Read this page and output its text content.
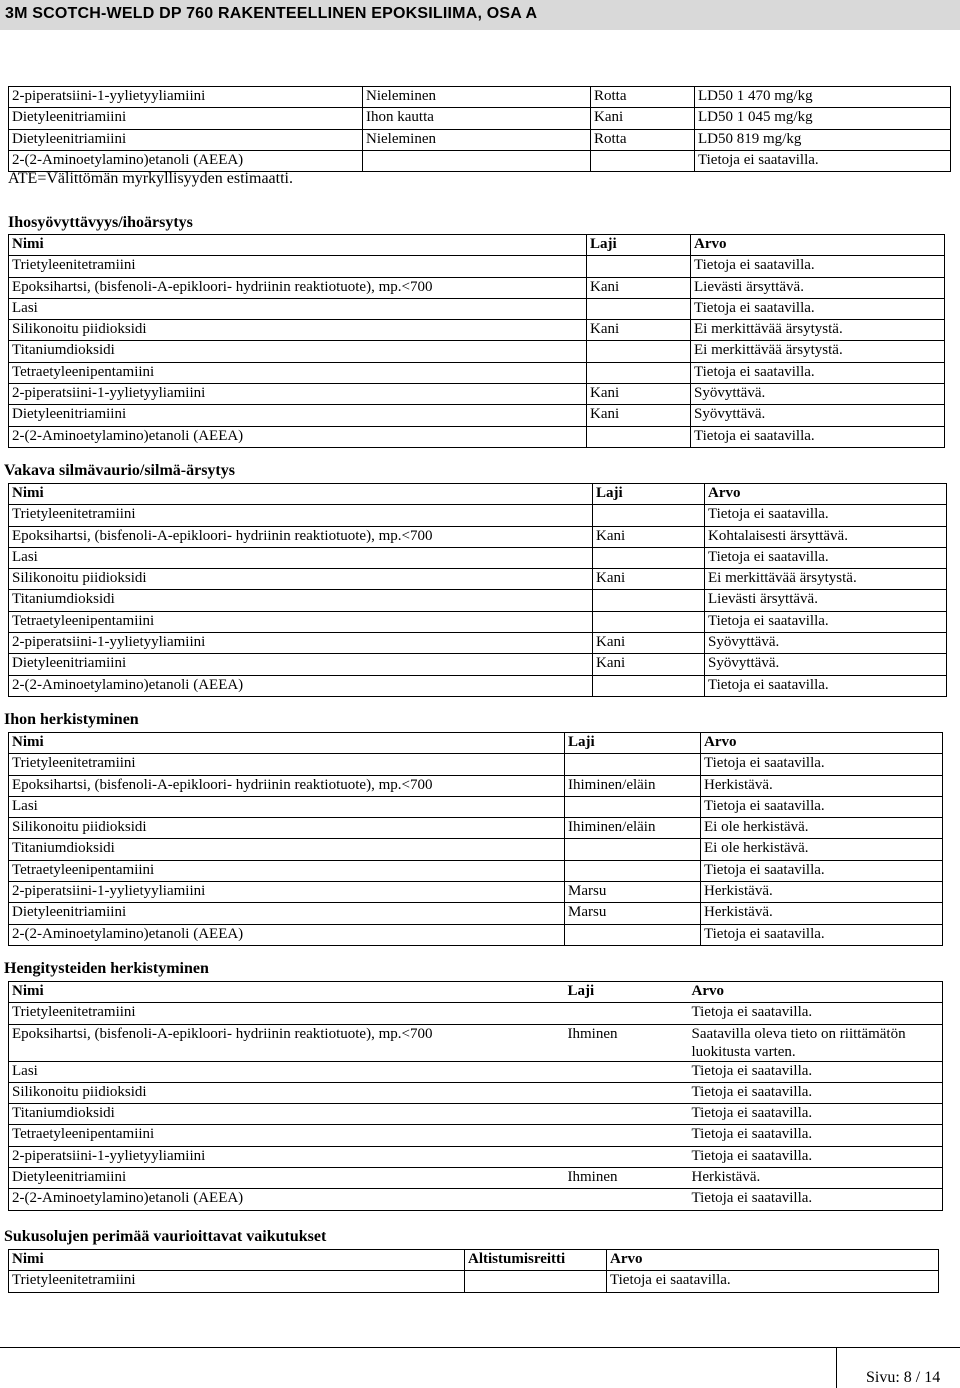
3M SCOTCH-WELD DP 760 RAKENTEELLINEN EPOKSILIIMA, OSA A
2-piperatsiini-1-yylietyyliamiini	Nieleminen	Rotta	LD50 1 470 mg/kg
Dietyleenitriamiini	Ihon kautta	Kani	LD50 1 045 mg/kg
Dietyleenitriamiini	Nieleminen	Rotta	LD50 819 mg/kg
2-(2-Aminoetylamino)etanoli (AEEA)			Tietoja ei saatavilla.
ATE=Välittömän myrkyllisyyden estimaatti.
Ihosyövyttävyys/ihoärsytys
Nimi	Laji	Arvo
Trietyleenitetramiini		Tietoja ei saatavilla.
Epoksihartsi, (bisfenoli-A-epikloori- hydriinin reaktiotuote), mp.<700	Kani	Lievästi ärsyttävä.
Lasi		Tietoja ei saatavilla.
Silikonoitu piidioksidi	Kani	Ei merkittävää ärsytystä.
Titaniumdioksidi		Ei merkittävää ärsytystä.
Tetraetyleenipentamiini		Tietoja ei saatavilla.
2-piperatsiini-1-yylietyyliamiini	Kani	Syövyttävä.
Dietyleenitriamiini	Kani	Syövyttävä.
2-(2-Aminoetylamino)etanoli (AEEA)		Tietoja ei saatavilla.
Vakava silmävaurio/silmä-ärsytys
Nimi	Laji	Arvo
Trietyleenitetramiini		Tietoja ei saatavilla.
Epoksihartsi, (bisfenoli-A-epikloori- hydriinin reaktiotuote), mp.<700	Kani	Kohtalaisesti ärsyttävä.
Lasi		Tietoja ei saatavilla.
Silikonoitu piidioksidi	Kani	Ei merkittävää ärsytystä.
Titaniumdioksidi		Lievästi ärsyttävä.
Tetraetyleenipentamiini		Tietoja ei saatavilla.
2-piperatsiini-1-yylietyyliamiini	Kani	Syövyttävä.
Dietyleenitriamiini	Kani	Syövyttävä.
2-(2-Aminoetylamino)etanoli (AEEA)		Tietoja ei saatavilla.
Ihon herkistyminen
Nimi	Laji	Arvo
Trietyleenitetramiini		Tietoja ei saatavilla.
Epoksihartsi, (bisfenoli-A-epikloori- hydriinin reaktiotuote), mp.<700	Ihiminen/eläin	Herkistävä.
Lasi		Tietoja ei saatavilla.
Silikonoitu piidioksidi	Ihiminen/eläin	Ei ole herkistävä.
Titaniumdioksidi		Ei ole herkistävä.
Tetraetyleenipentamiini		Tietoja ei saatavilla.
2-piperatsiini-1-yylietyyliamiini	Marsu	Herkistävä.
Dietyleenitriamiini	Marsu	Herkistävä.
2-(2-Aminoetylamino)etanoli (AEEA)		Tietoja ei saatavilla.
Hengitysteiden herkistyminen
Nimi	Laji	Arvo
Trietyleenitetramiini		Tietoja ei saatavilla.
Epoksihartsi, (bisfenoli-A-epikloori- hydriinin reaktiotuote), mp.<700	Ihminen	Saatavilla oleva tieto on riittämätön luokitusta varten.
Lasi		Tietoja ei saatavilla.
Silikonoitu piidioksidi		Tietoja ei saatavilla.
Titaniumdioksidi		Tietoja ei saatavilla.
Tetraetyleenipentamiini		Tietoja ei saatavilla.
2-piperatsiini-1-yylietyyliamiini		Tietoja ei saatavilla.
Dietyleenitriamiini	Ihminen	Herkistävä.
2-(2-Aminoetylamino)etanoli (AEEA)		Tietoja ei saatavilla.
Sukusolujen perimää vaurioittavat vaikutukset
Nimi	Altistumisreitti	Arvo
Trietyleenitetramiini		Tietoja ei saatavilla.
Sivu: 8 / 14
